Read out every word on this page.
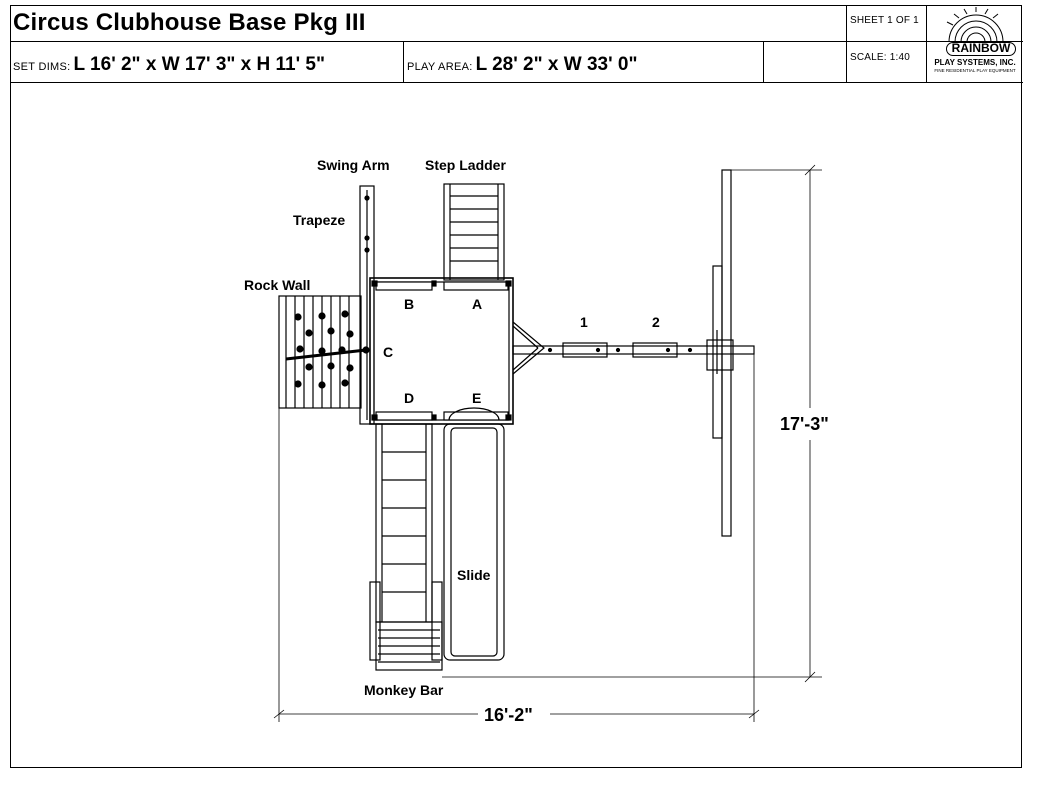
Circus Clubhouse Base Pkg III
SET DIMS: L 16' 2" x W 17' 3" x H 11' 5"	PLAY AREA: L 28' 2" x W 33' 0"
SHEET 1 OF 1
SCALE: 1:40
RAINBOW
PLAY SYSTEMS, INC.
FINE RESIDENTIAL PLAY EQUIPMENT
Swing Arm	Step Ladder
Trapeze
Rock Wall
B	A
C
D	E
1	2
Slide
Monkey Bar
16'-2"
17'-3"
